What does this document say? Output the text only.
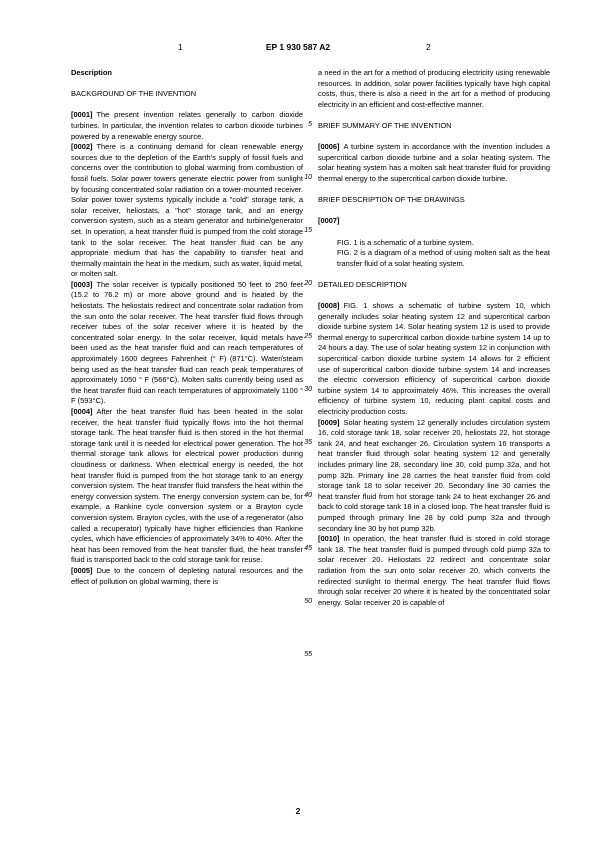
1	EP 1 930 587 A2	2

Description

BACKGROUND OF THE INVENTION

[0001] The present invention relates generally to carbon dioxide turbines. In particular, the invention relates to carbon dioxide turbines powered by a renewable energy source.

[0002] There is a continuing demand for clean renewable energy sources due to the depletion of the Earth's supply of fossil fuels and concerns over the contribution to global warming from combustion of fossil fuels. Solar power towers generate electric power from sunlight by focusing concentrated solar radiation on a tower-mounted receiver. Solar power tower systems typically include a "cold" storage tank, a solar receiver, heliostats, a "hot" storage tank, and an energy conversion system, such as a steam generator and turbine/generator set. In operation, a heat transfer fluid is pumped from the cold storage tank to the solar receiver. The heat transfer fluid can be any appropriate medium that has the capability to transfer heat and thermally maintain the heat in the medium, such as water, liquid metal, or molten salt.

[0003] The solar receiver is typically positioned 50 feet to 250 feet (15.2 to 76.2 m) or more above ground and is heated by the heliostats. The heliostats redirect and concentrate solar radiation from the sun onto the solar receiver. The heat transfer fluid flows through receiver tubes of the solar receiver where it is heated by the concentrated solar energy. In the solar receiver, liquid metals have been used as the heat transfer fluid and can reach temperatures of approximately 1600 degrees Fahrenheit (° F) (871°C). Water/steam being used as the heat transfer fluid can reach peak temperatures of approximately 1050 ° F (566°C). Molten salts currently being used as the heat transfer fluid can reach temperatures of approximately 1100 ° F (593°C).

[0004] After the heat transfer fluid has been heated in the solar receiver, the heat transfer fluid typically flows into the hot thermal storage tank. The heat transfer fluid is then stored in the hot thermal storage tank until it is needed for electrical power generation. The hot thermal storage tank allows for electrical power production during cloudiness or darkness. When electrical energy is needed, the hot heat transfer fluid is pumped from the hot storage tank to an energy conversion system. The heat transfer fluid transfers the heat within the energy conversion system. The energy conversion system can be, for example, a Rankine cycle conversion system or a Brayton cycle conversion system. Brayton cycles, with the use of a regenerator (also called a recuperator) typically have higher efficiencies than Rankine cycles, which have efficiencies of approximately 34% to 40%. After the heat has been removed from the heat transfer fluid, the heat transfer fluid is transported back to the cold storage tank for reuse.

[0005] Due to the concern of depleting natural resources and the effect of pollution on global warming, there is

5
10
15
20
25
30
35
40
45
50
55

a need in the art for a method of producing electricity using renewable resources. In addition, solar power facilities typically have high capital costs, thus, there is also a need in the art for a method of producing electricity in an efficient and cost-effective manner.

BRIEF SUMMARY OF THE INVENTION

[0006] A turbine system in accordance with the invention includes a supercritical carbon dioxide turbine and a solar heating system. The solar heating system has a molten salt heat transfer fluid for providing thermal energy to the supercritical carbon dioxide turbine.

BRIEF DESCRIPTION OF THE DRAWINGS

[0007]

FIG. 1 is a schematic of a turbine system.

FIG. 2 is a diagram of a method of using molten salt as the heat transfer fluid of a solar heating system.

DETAILED DESCRIPTION

[0008] FIG. 1 shows a schematic of turbine system 10, which generally includes solar heating system 12 and supercritical carbon dioxide turbine system 14. Solar heating system 12 is used to provide thermal energy to supercritical carbon dioxide turbine system 14 up to 24 hours a day. The use of solar heating system 12 in conjunction with supercritical carbon dioxide turbine system 14 allows for 2 efficient use of supercritical carbon dioxide turbine system 14 and increases the electric conversion efficiency of supercritical carbon dioxide turbine system 14 to approximately 46%. This increases the overall efficiency of turbine system 10, reducing plant capital costs and electricity production costs.

[0009] Solar heating system 12 generally includes circulation system 16, cold storage tank 18, solar receiver 20, heliostats 22, hot storage tank 24, and heat exchanger 26. Circulation system 16 transports a heat transfer fluid through solar heating system 12 and generally includes primary line 28, secondary line 30, cold pump 32a, and hot pump 32b. Primary line 28 carries the heat transfer fluid from cold storage tank 18 to solar receiver 20. Secondary line 30 carries the heat transfer fluid from hot storage tank 24 to heat exchanger 26 and back to cold storage tank 18 in a closed loop. The heat transfer fluid is pumped through primary line 28 by cold pump 32a and through secondary line 30 by hot pump 32b.

[0010] In operation, the heat transfer fluid is stored in cold storage tank 18. The heat transfer fluid is pumped through cold pump 32a to solar receiver 20. Heliostats 22 redirect and concentrate solar radiation from the sun onto solar receiver 20, which converts the redirected sunlight to thermal energy. The heat transfer fluid flows through solar receiver 20 where it is heated by the concentrated solar energy. Solar receiver 20 is capable of

2
